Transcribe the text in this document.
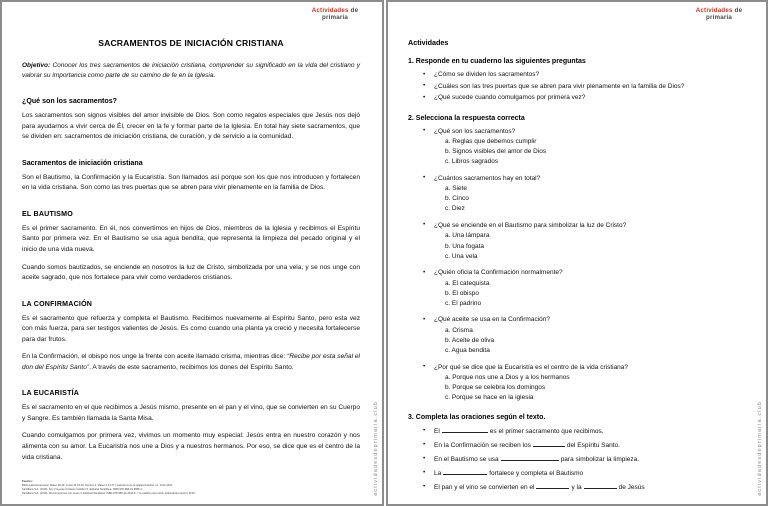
Actividades de
primaria
SACRAMENTOS DE INICIACIÓN CRISTIANA

Objetivo: Conocer los tres sacramentos de iniciación cristiana, comprender su significado en la vida del cristiano y valorar su importancia como parte de su camino de fe en la Iglesia.

¿Qué son los sacramentos?

Los sacramentos son signos visibles del amor invisible de Dios. Son como regalos especiales que Jesús nos dejó para ayudarnos a vivir cerca de Él, crecer en la fe y formar parte de la Iglesia. En total hay siete sacramentos, que se dividen en: sacramentos de iniciación cristiana, de curación, y de servicio a la comunidad.

Sacramentos de iniciación cristiana

Son el Bautismo, la Confirmación y la Eucaristía. Son llamados así porque son los que nos introducen y fortalecen en la vida cristiana. Son como las tres puertas que se abren para vivir plenamente en la familia de Dios.

EL BAUTISMO

Es el primer sacramento. En él, nos convertimos en hijos de Dios, miembros de la Iglesia y recibimos el Espíritu Santo por primera vez. En el Bautismo se usa agua bendita, que representa la limpieza del pecado original y el inicio de una vida nueva.

Cuando somos bautizados, se enciende en nosotros la luz de Cristo, simbolizada por una vela, y se nos unge con aceite sagrado, que nos fortalece para vivir como verdaderos cristianos.

LA CONFIRMACIÓN

Es el sacramento que refuerza y completa el Bautismo. Recibimos nuevamente al Espíritu Santo, pero esta vez con más fuerza, para ser testigos valientes de Jesús. Es como cuando una planta ya creció y necesita fortalecerse para dar frutos.

En la Confirmación, el obispo nos unge la frente con aceite llamado crisma, mientras dice: “Recibe por esta señal el don del Espíritu Santo”. A través de este sacramento, recibimos los dones del Espíritu Santo.

LA EUCARISTÍA

Es el sacramento en el que recibimos a Jesús mismo, presente en el pan y el vino, que se convierten en su Cuerpo y Sangre. Es también llamada la Santa Misa.

Cuando comulgamos por primera vez, vivimos un momento muy especial: Jesús entra en nuestro corazón y nos alimenta con su amor. La Eucaristía nos une a Dios y a nuestros hermanos. Por eso, se dice que es el centro de la vida cristiana.

Fuentes:
Biblia Latinoamericana: Mateo 28,19; Lucas 22,19-20; Hechos 2; Mateo 3,13-17 | Catecismo de la Iglesia Católica, nn. 1212-1419.
Santillana S.A. (2015). Soy Creyente Cristiano Católico 5. Editorial Santillana. ISBN 978-958-24-3885-4.
Santillana S.A. (2018). Mi Compromiso con Jesús 4. Editorial Santillana. ISBN 978-958-24-3433-5. / Yo católico para niños, Editorial Encuentro, 2018	actividadesdeprimaria.club
Actividades de
primaria
Actividades
1. Responde en tu cuaderno las siguientes preguntas
• ¿Cómo se dividen los sacramentos?
• ¿Cuáles son las tres puertas que se abren para vivir plenamente en la familia de Dios?
• ¿Qué sucede cuando comulgamos por primera vez?
2. Selecciona la respuesta correcta
• ¿Qué son los sacramentos?
a. Reglas que debemos cumplir
b. Signos visibles del amor de Dios
c. Libros sagrados
• ¿Cuántos sacramentos hay en total?
a. Siete
b. Cinco
c. Diez
• ¿Qué se enciende en el Bautismo para simbolizar la luz de Cristo?
a. Una lámpara
b. Una fogata
c. Una vela
• ¿Quién oficia la Confirmación normalmente?
a. El catequista
b. El obispo
c. El padrino
• ¿Qué aceite se usa en la Confirmación?
a. Crisma
b. Aceite de oliva
c. Agua bendita
• ¿Por qué se dice que la Eucaristía es el centro de la vida cristiana?
a. Porque nos une a Dios y a los hermanos
b. Porque se celebra los domingos
c. Porque se hace en la iglesia
3. Completa las oraciones según el texto.
• El	es el primer sacramento que recibimos.
• En la Confirmación se reciben los	del Espíritu Santo.
• En el Bautismo se usa	para simbolizar la limpieza.
• La	fortalece y completa el Bautismo
• El pan y el vino se convierten en el	y la	de Jesús	actividadesdeprimaria.club
